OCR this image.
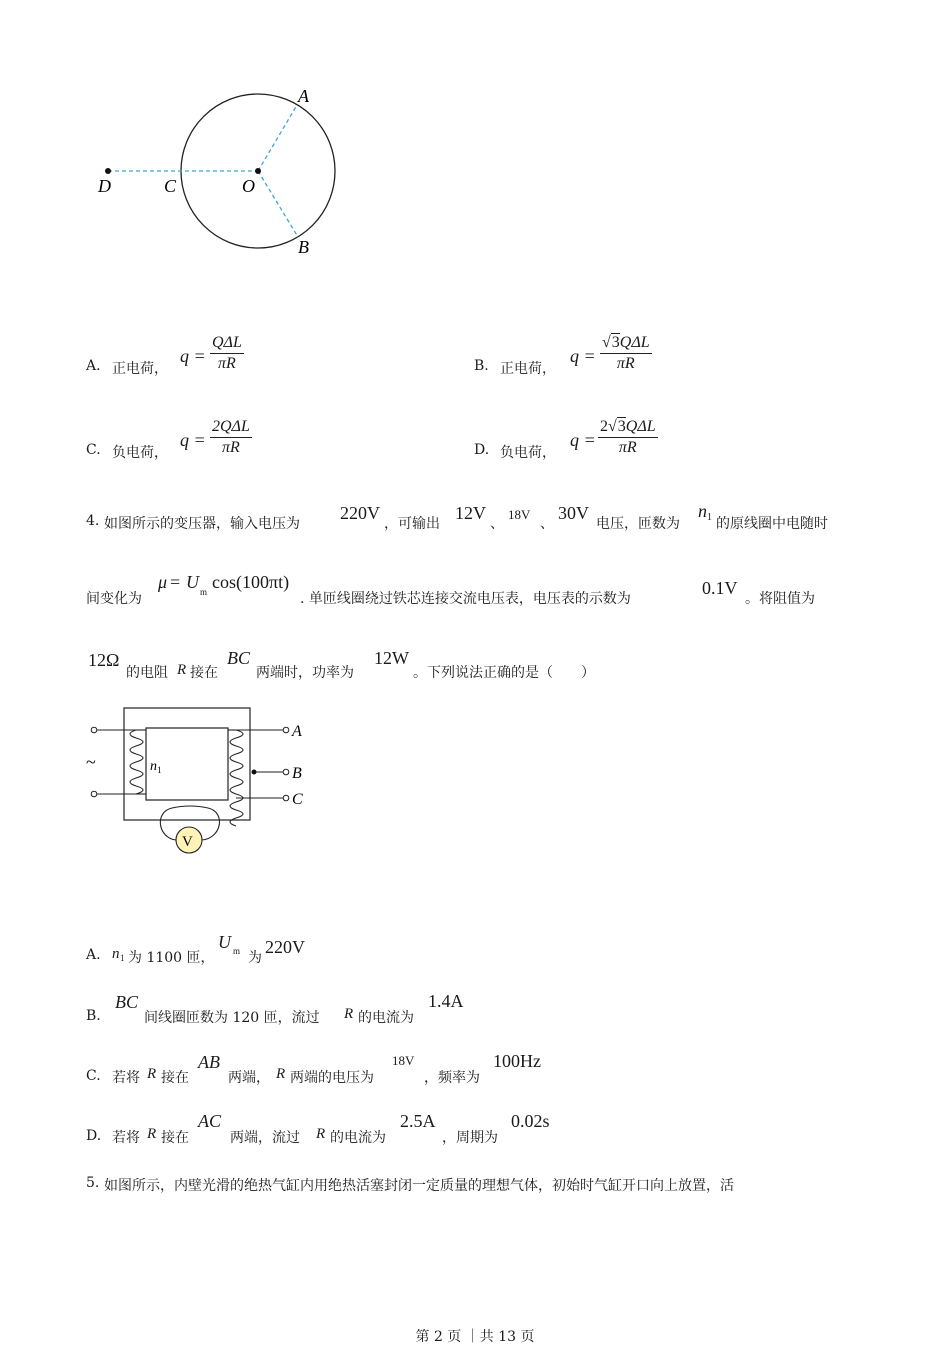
A
B
C
D	O
A. 正电荷，
q =
QΔL
πR	B. 正电荷，
q =
√3QΔL
πR
C. 负电荷，
q =
2QΔL
πR	D. 负电荷，
q =
2√3QΔL
πR
4. 如图所示的变压器，输入电压为
220V
，可输出
12V
、
18V
、
30V
电压，匝数为
n 1 的原线圈中电随时
间变化为
μ = U m cos(100πt)
. 单匝线圈绕过铁芯连接交流电压表，电压表的示数为
0.1V
。将阻值为
12Ω
的电阻 R 接在
BC
两端时，功率为
12W
。下列说法正确的是（　　）
~	$n_1$
A
B
C
V
A. n 1 为 1100 匝，
U m 为
220V
B.
BC
间线圈匝数为 120 匝，流过 R 的电流为
1.4A
C. 若将 R 接在
AB
两端， R 两端的电压为
18V
，频率为
100Hz
D. 若将 R 接在
AC
两端，流过 R 的电流为
2.5A
，周期为
0.02s
5. 如图所示，内壁光滑的绝热气缸内用绝热活塞封闭一定质量的理想气体，初始时气缸开口向上放置，活
第 2 页 ｜共 13 页
